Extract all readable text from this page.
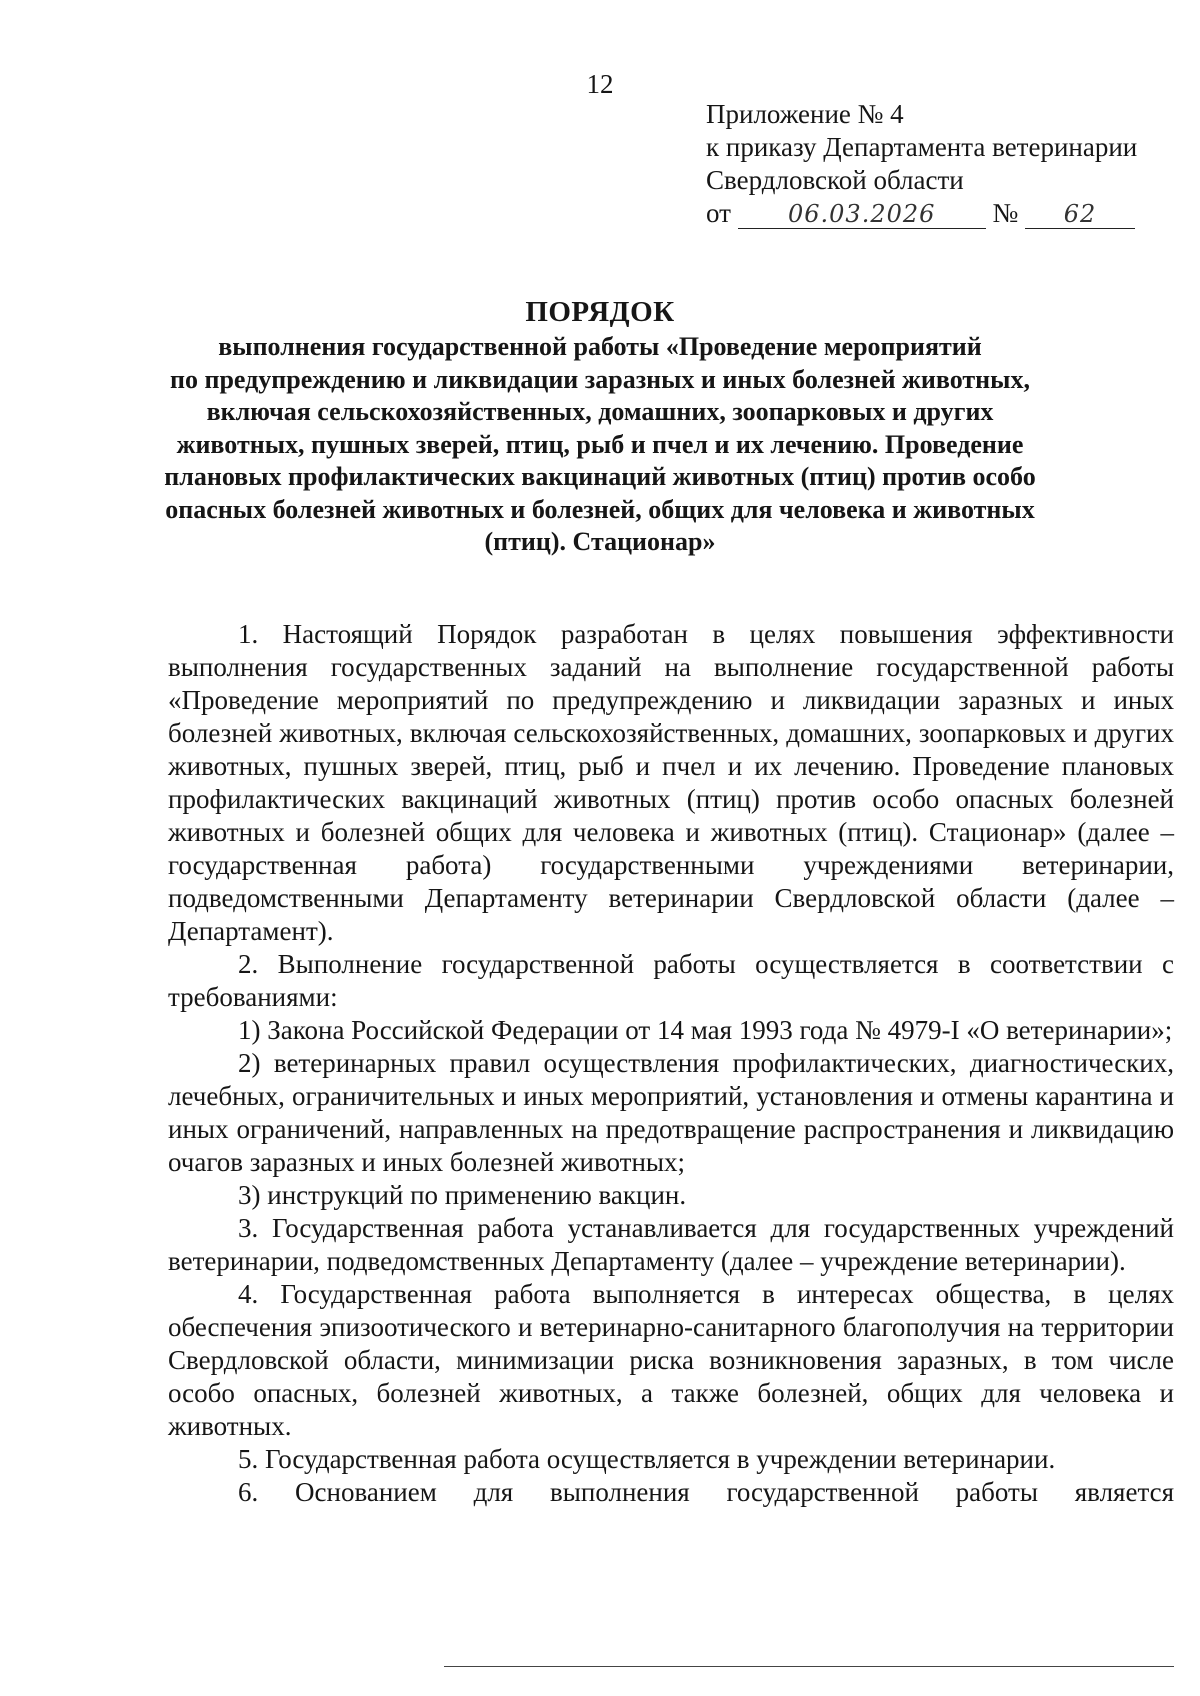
12
Приложение № 4
к приказу Департамента ветеринарии
Свердловской области
от 06.03.2026 № 62
ПОРЯДОК
выполнения государственной работы «Проведение мероприятий
по предупреждению и ликвидации заразных и иных болезней животных,
включая сельскохозяйственных, домашних, зоопарковых и других
животных, пушных зверей, птиц, рыб и пчел и их лечению. Проведение
плановых профилактических вакцинаций животных (птиц) против особо
опасных болезней животных и болезней, общих для человека и животных
(птиц). Стационар»

1. Настоящий Порядок разработан в целях повышения эффективности выполнения государственных заданий на выполнение государственной работы «Проведение мероприятий по предупреждению и ликвидации заразных и иных болезней животных, включая сельскохозяйственных, домашних, зоопарковых и других животных, пушных зверей, птиц, рыб и пчел и их лечению. Проведение плановых профилактических вакцинаций животных (птиц) против особо опасных болезней животных и болезней общих для человека и животных (птиц). Стационар» (далее – государственная работа) государственными учреждениями ветеринарии, подведомственными Департаменту ветеринарии Свердловской области (далее – Департамент).

2. Выполнение государственной работы осуществляется в соответствии с требованиями:

1) Закона Российской Федерации от 14 мая 1993 года № 4979-I «О ветеринарии»;

2) ветеринарных правил осуществления профилактических, диагностических, лечебных, ограничительных и иных мероприятий, установления и отмены карантина и иных ограничений, направленных на предотвращение распространения и ликвидацию очагов заразных и иных болезней животных;

3) инструкций по применению вакцин.

3. Государственная работа устанавливается для государственных учреждений ветеринарии, подведомственных Департаменту (далее – учреждение ветеринарии).

4. Государственная работа выполняется в интересах общества, в целях обеспечения эпизоотического и ветеринарно-санитарного благополучия на территории Свердловской области, минимизации риска возникновения заразных, в том числе особо опасных, болезней животных, а также болезней, общих для человека и животных.

5. Государственная работа осуществляется в учреждении ветеринарии.

6. Основанием для выполнения государственной работы является
